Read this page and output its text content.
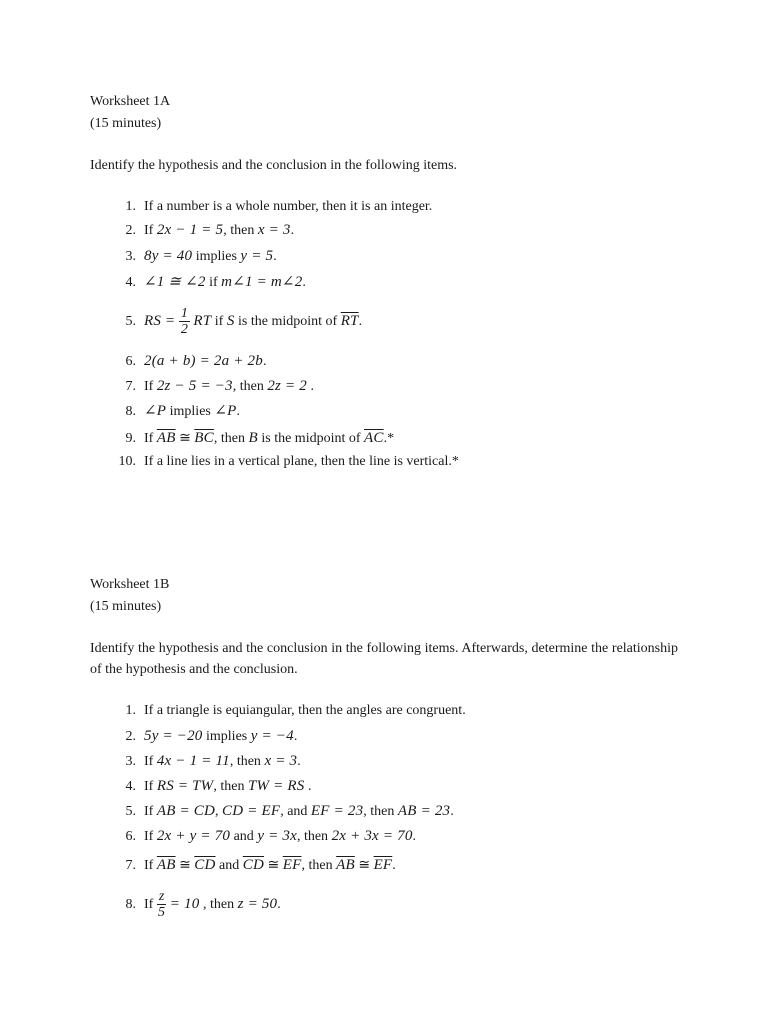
Worksheet 1A
(15 minutes)
Identify the hypothesis and the conclusion in the following items.
1. If a number is a whole number, then it is an integer.
2. If 2x − 1 = 5, then x = 3.
3. 8y = 40 implies y = 5.
4. ∠1 ≅ ∠2 if m∠1 = m∠2.
5. RS = $\frac{1}{2}$ RT if S is the midpoint of $\overline{RT}$.
6. 2(a + b) = 2a + 2b.
7. If 2z − 5 = −3, then 2z = 2 .
8. ∠P implies ∠P.
9. If $\overline{AB}$ ≅ $\overline{BC}$, then B is the midpoint of $\overline{AC}.*$
10. If a line lies in a vertical plane, then the line is vertical.*
Worksheet 1B
(15 minutes)
Identify the hypothesis and the conclusion in the following items. Afterwards, determine the relationship of the hypothesis and the conclusion.
1. If a triangle is equiangular, then the angles are congruent.
2. 5y = −20 implies y = −4.
3. If 4x − 1 = 11, then x = 3.
4. If RS = TW, then TW = RS .
5. If AB = CD, CD = EF, and EF = 23, then AB = 23.
6. If 2x + y = 70 and y = 3x, then 2x + 3x = 70.
7. If $\overline{AB}$ ≅ $\overline{CD}$ and $\overline{CD}$ ≅ $\overline{EF}$, then $\overline{AB}$ ≅ $\overline{EF}$.
8. If $\frac{z}{5} = 10$ , then z = 50.
